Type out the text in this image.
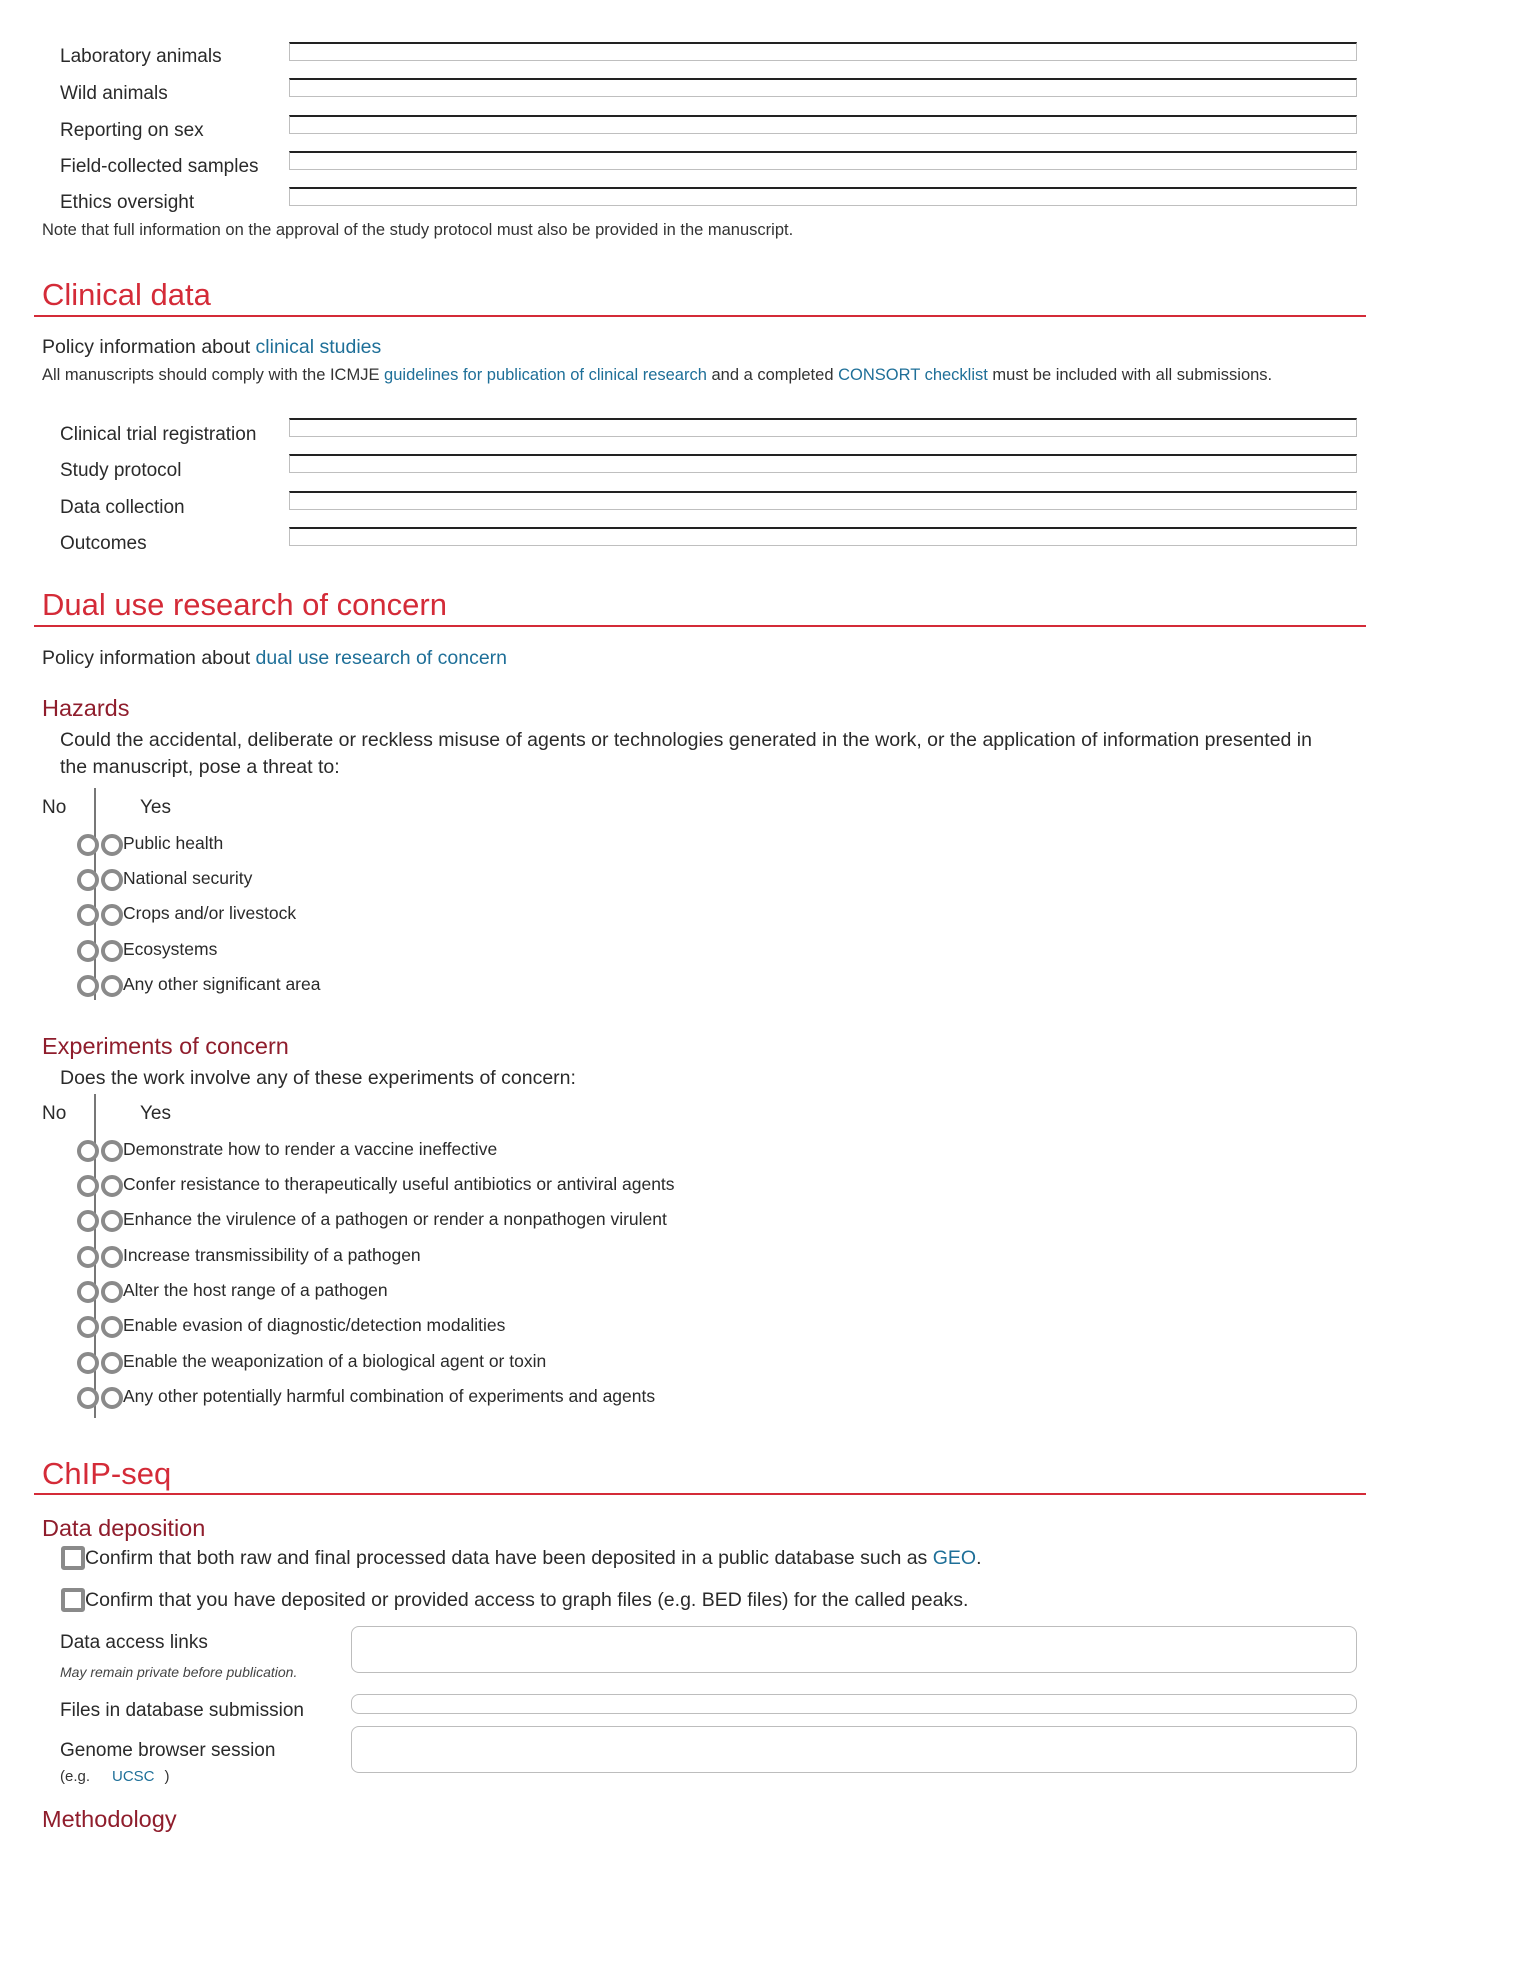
Laboratory animals
Wild animals
Reporting on sex
Field-collected samples
Ethics oversight
Note that full information on the approval of the study protocol must also be provided in the manuscript.
Clinical data
Policy information about clinical studies
All manuscripts should comply with the ICMJE guidelines for publication of clinical research and a completed CONSORT checklist must be included with all submissions.
Clinical trial registration
Study protocol
Data collection
Outcomes
Dual use research of concern
Policy information about dual use research of concern
Hazards
Could the accidental, deliberate or reckless misuse of agents or technologies generated in the work, or the application of information presented in
the manuscript, pose a threat to:
No	Yes
Public health
National security
Crops and/or livestock
Ecosystems
Any other significant area
Experiments of concern
Does the work involve any of these experiments of concern:
No	Yes
Demonstrate how to render a vaccine ineffective
Confer resistance to therapeutically useful antibiotics or antiviral agents
Enhance the virulence of a pathogen or render a nonpathogen virulent
Increase transmissibility of a pathogen
Alter the host range of a pathogen
Enable evasion of diagnostic/detection modalities
Enable the weaponization of a biological agent or toxin
Any other potentially harmful combination of experiments and agents
ChIP-seq
Data deposition
Confirm that both raw and final processed data have been deposited in a public database such as GEO.
Confirm that you have deposited or provided access to graph files (e.g. BED files) for the called peaks.
Data access links
May remain private before publication.
Files in database submission
Genome browser session
(e.g. UCSC )
Methodology
